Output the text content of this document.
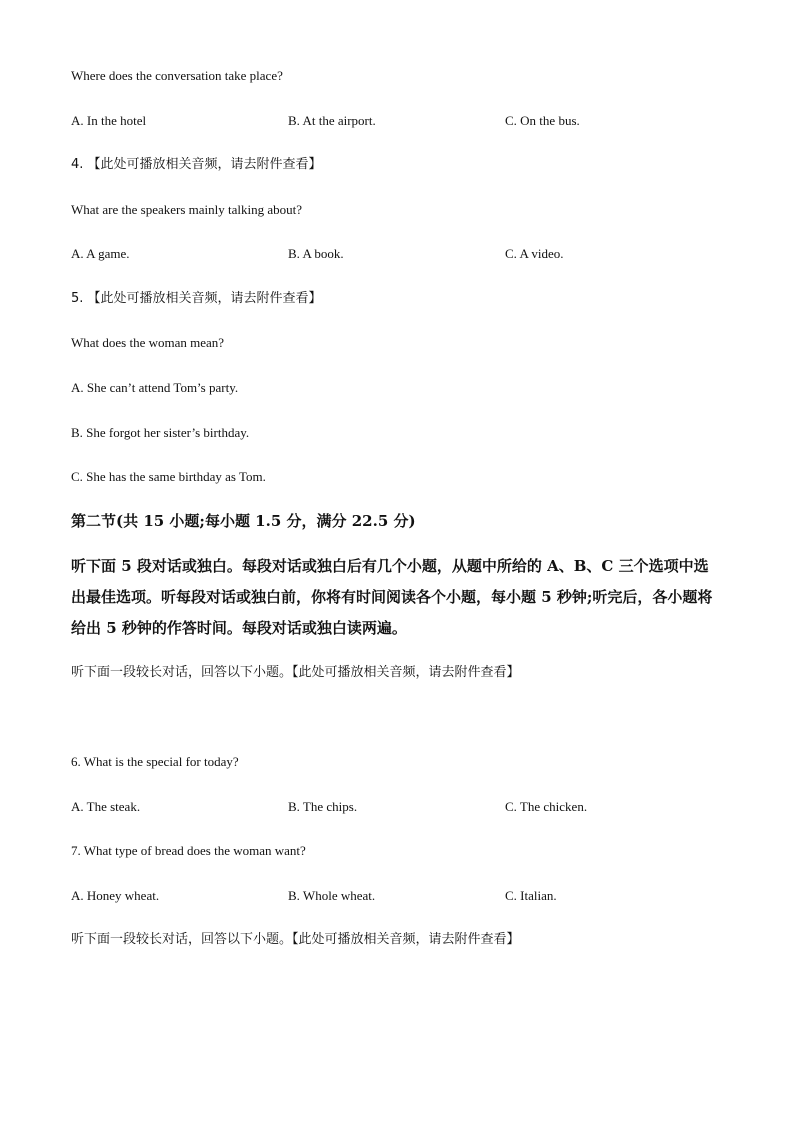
Where does the conversation take place?
A. In the hotel	B. At the airport.	C. On the bus.
4. 【此处可播放相关音频，请去附件查看】
What are the speakers mainly talking about?
A. A game.	B. A book.	C. A video.
5. 【此处可播放相关音频，请去附件查看】
What does the woman mean?
A. She can’t attend Tom’s party.
B. She forgot her sister’s birthday.
C. She has the same birthday as Tom.
第二节(共 15 小题;每小题 1.5 分，满分 22.5 分)
听下面 5 段对话或独白。每段对话或独白后有几个小题，从题中所给的 A、B、C 三个选项中选出最佳选项。听每段对话或独白前，你将有时间阅读各个小题，每小题 5 秒钟;听完后，各小题将给出 5 秒钟的作答时间。每段对话或独白读两遍。
听下面一段较长对话，回答以下小题。【此处可播放相关音频，请去附件查看】
6. What is the special for today?
A. The steak.	B. The chips.	C. The chicken.
7. What type of bread does the woman want?
A. Honey wheat.	B. Whole wheat.	C. Italian.
听下面一段较长对话，回答以下小题。【此处可播放相关音频，请去附件查看】
